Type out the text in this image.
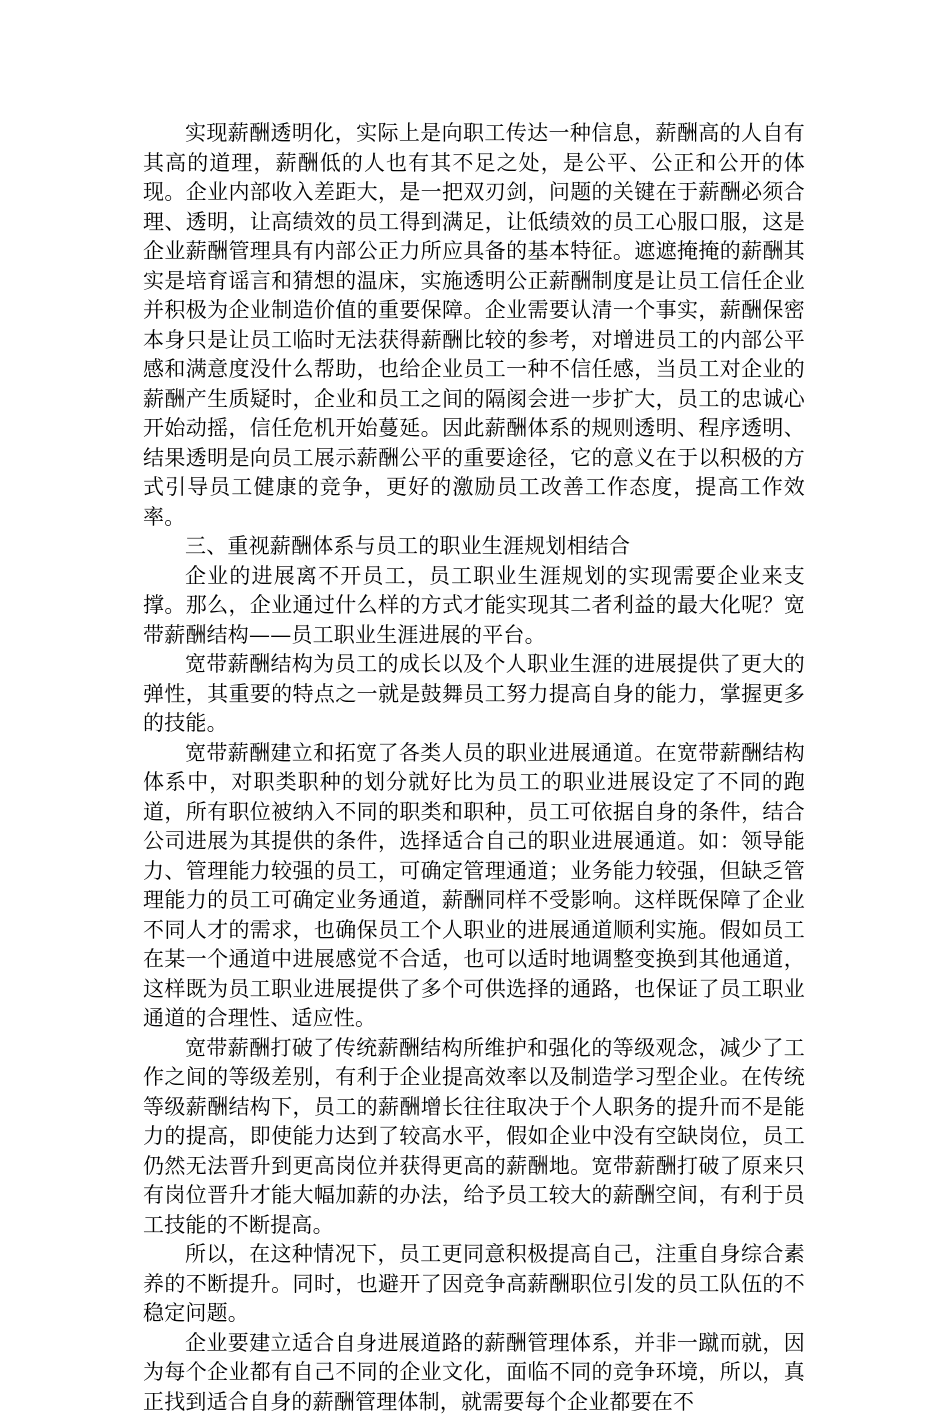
实现薪酬透明化，实际上是向职工传达一种信息，薪酬高的人自有其高的道理，薪酬低的人也有其不足之处，是公平、公正和公开的体现。企业内部收入差距大，是一把双刃剑，问题的关键在于薪酬必须合理、透明，让高绩效的员工得到满足，让低绩效的员工心服口服，这是企业薪酬管理具有内部公正力所应具备的基本特征。遮遮掩掩的薪酬其实是培育谣言和猜想的温床，实施透明公正薪酬制度是让员工信任企业并积极为企业制造价值的重要保障。企业需要认清一个事实，薪酬保密本身只是让员工临时无法获得薪酬比较的参考，对增进员工的内部公平感和满意度没什么帮助，也给企业员工一种不信任感，当员工对企业的薪酬产生质疑时，企业和员工之间的隔阂会进一步扩大，员工的忠诚心开始动摇，信任危机开始蔓延。因此薪酬体系的规则透明、程序透明、结果透明是向员工展示薪酬公平的重要途径，它的意义在于以积极的方式引导员工健康的竞争，更好的激励员工改善工作态度，提高工作效率。

三、重视薪酬体系与员工的职业生涯规划相结合

企业的进展离不开员工，员工职业生涯规划的实现需要企业来支撑。那么，企业通过什么样的方式才能实现其二者利益的最大化呢？宽带薪酬结构——员工职业生涯进展的平台。

宽带薪酬结构为员工的成长以及个人职业生涯的进展提供了更大的弹性，其重要的特点之一就是鼓舞员工努力提高自身的能力，掌握更多的技能。

宽带薪酬建立和拓宽了各类人员的职业进展通道。在宽带薪酬结构体系中，对职类职种的划分就好比为员工的职业进展设定了不同的跑道，所有职位被纳入不同的职类和职种，员工可依据自身的条件，结合公司进展为其提供的条件，选择适合自己的职业进展通道。如：领导能力、管理能力较强的员工，可确定管理通道；业务能力较强，但缺乏管理能力的员工可确定业务通道，薪酬同样不受影响。这样既保障了企业不同人才的需求，也确保员工个人职业的进展通道顺利实施。假如员工在某一个通道中进展感觉不合适，也可以适时地调整变换到其他通道，这样既为员工职业进展提供了多个可供选择的通路，也保证了员工职业通道的合理性、适应性。

宽带薪酬打破了传统薪酬结构所维护和强化的等级观念，减少了工作之间的等级差别，有利于企业提高效率以及制造学习型企业。在传统等级薪酬结构下，员工的薪酬增长往往取决于个人职务的提升而不是能力的提高，即使能力达到了较高水平，假如企业中没有空缺岗位，员工仍然无法晋升到更高岗位并获得更高的薪酬地。宽带薪酬打破了原来只有岗位晋升才能大幅加薪的办法，给予员工较大的薪酬空间，有利于员工技能的不断提高。

所以，在这种情况下，员工更同意积极提高自己，注重自身综合素养的不断提升。同时，也避开了因竞争高薪酬职位引发的员工队伍的不稳定问题。

企业要建立适合自身进展道路的薪酬管理体系，并非一蹴而就，因为每个企业都有自己不同的企业文化，面临不同的竞争环境，所以，真正找到适合自身的薪酬管理体制，就需要每个企业都要在不
